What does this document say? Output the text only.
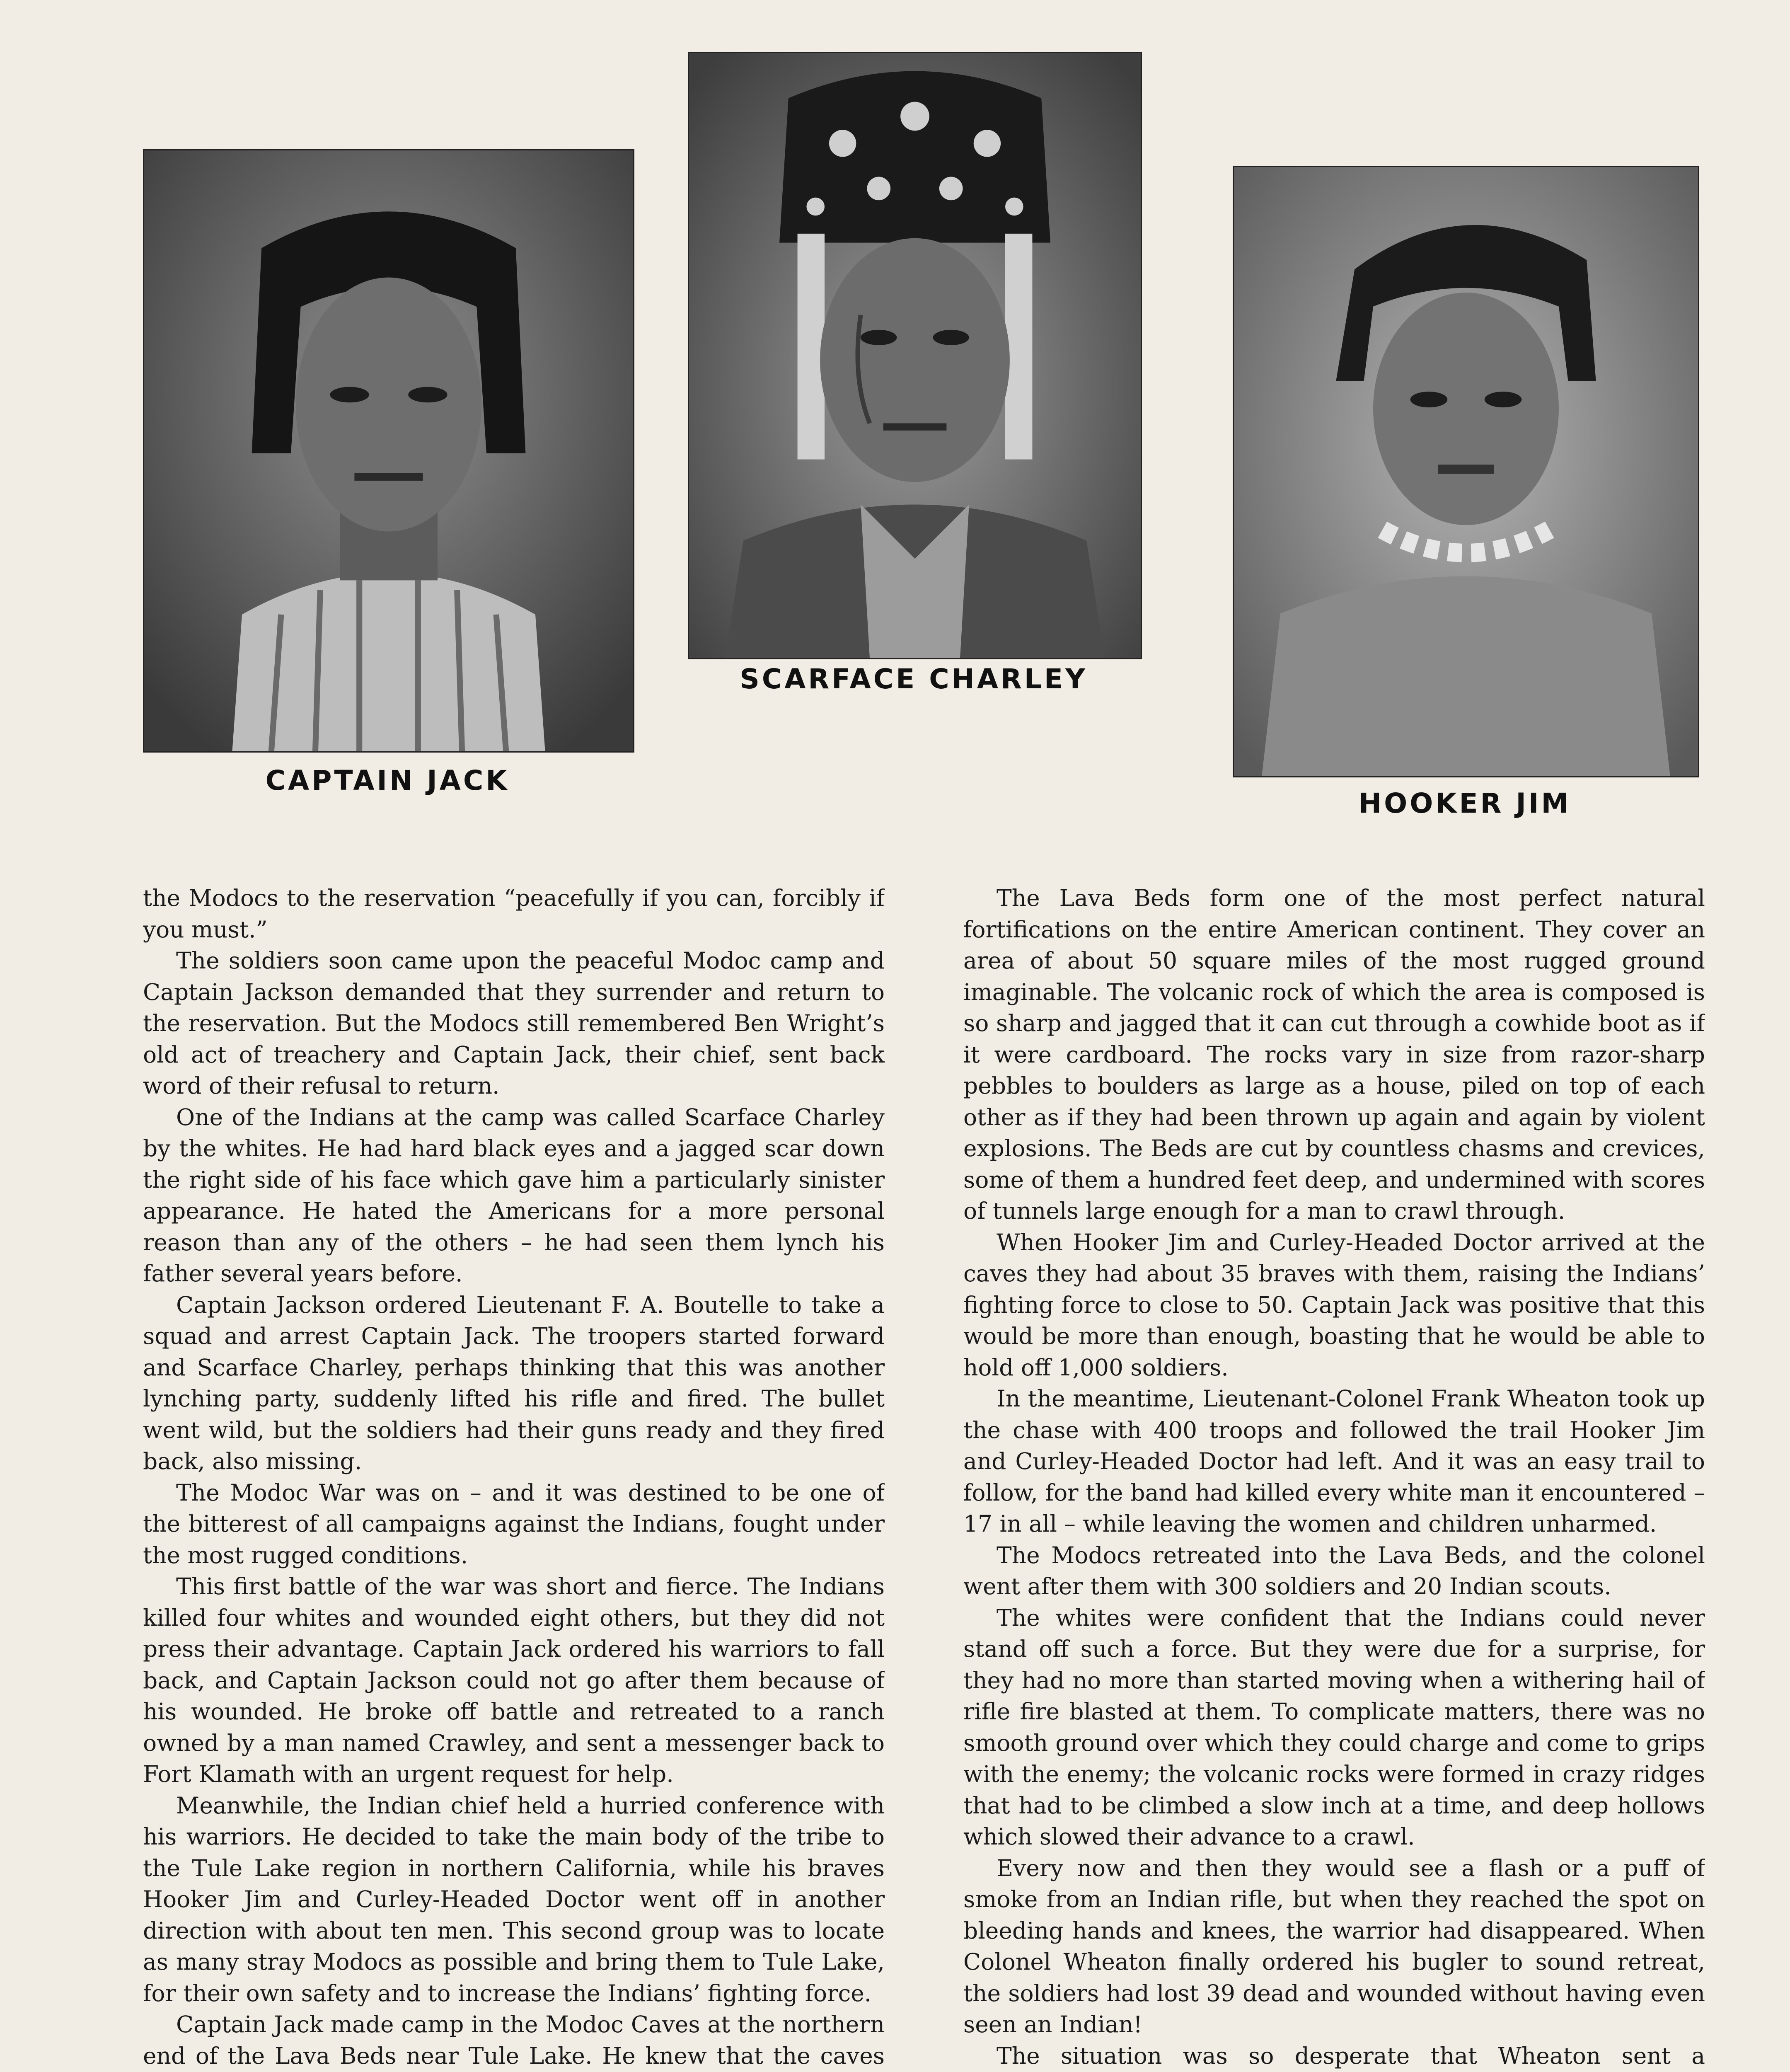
CAPTAIN JACK
SCARFACE CHARLEY
HOOKER JIM

the Modocs to the reservation “peacefully if you can, forcibly if you must.”

The soldiers soon came upon the peaceful Modoc camp and Captain Jackson demanded that they surrender and return to the reservation. But the Modocs still remembered Ben Wright’s old act of treachery and Captain Jack, their chief, sent back word of their refusal to return.

One of the Indians at the camp was called Scarface Charley by the whites. He had hard black eyes and a jagged scar down the right side of his face which gave him a particularly sinister appearance. He hated the Americans for a more personal reason than any of the others – he had seen them lynch his father several years before.

Captain Jackson ordered Lieutenant F. A. Boutelle to take a squad and arrest Captain Jack. The troopers started forward and Scarface Charley, perhaps thinking that this was another lynching party, suddenly lifted his rifle and fired. The bullet went wild, but the soldiers had their guns ready and they fired back, also missing.

The Modoc War was on – and it was destined to be one of the bitterest of all campaigns against the Indians, fought under the most rugged conditions.

This first battle of the war was short and fierce. The Indians killed four whites and wounded eight others, but they did not press their advantage. Captain Jack ordered his warriors to fall back, and Captain Jackson could not go after them because of his wounded. He broke off battle and retreated to a ranch owned by a man named Crawley, and sent a messenger back to Fort Klamath with an urgent request for help.

Meanwhile, the Indian chief held a hurried conference with his warriors. He decided to take the main body of the tribe to the Tule Lake region in northern California, while his braves Hooker Jim and Curley-Headed Doctor went off in another direction with about ten men. This second group was to locate as many stray Modocs as possible and bring them to Tule Lake, for their own safety and to increase the Indians’ fighting force.

Captain Jack made camp in the Modoc Caves at the northern end of the Lava Beds near Tule Lake. He knew that the caves

The Lava Beds form one of the most perfect natural fortifications on the entire American continent. They cover an area of about 50 square miles of the most rugged ground imaginable. The volcanic rock of which the area is composed is so sharp and jagged that it can cut through a cowhide boot as if it were cardboard. The rocks vary in size from razor-sharp pebbles to boulders as large as a house, piled on top of each other as if they had been thrown up again and again by violent explosions. The Beds are cut by countless chasms and crevices, some of them a hundred feet deep, and undermined with scores of tunnels large enough for a man to crawl through.

When Hooker Jim and Curley-Headed Doctor arrived at the caves they had about 35 braves with them, raising the Indians’ fighting force to close to 50. Captain Jack was positive that this would be more than enough, boasting that he would be able to hold off 1,000 soldiers.

In the meantime, Lieutenant-Colonel Frank Wheaton took up the chase with 400 troops and followed the trail Hooker Jim and Curley-Headed Doctor had left. And it was an easy trail to follow, for the band had killed every white man it encountered – 17 in all – while leaving the women and children unharmed.

The Modocs retreated into the Lava Beds, and the colonel went after them with 300 soldiers and 20 Indian scouts.

The whites were confident that the Indians could never stand off such a force. But they were due for a surprise, for they had no more than started moving when a withering hail of rifle fire blasted at them. To complicate matters, there was no smooth ground over which they could charge and come to grips with the enemy; the volcanic rocks were formed in crazy ridges that had to be climbed a slow inch at a time, and deep hollows which slowed their advance to a crawl.

Every now and then they would see a flash or a puff of smoke from an Indian rifle, but when they reached the spot on bleeding hands and knees, the warrior had disappeared. When Colonel Wheaton finally ordered his bugler to sound retreat, the soldiers had lost 39 dead and wounded without having even seen an Indian!

The situation was so desperate that Wheaton sent a
